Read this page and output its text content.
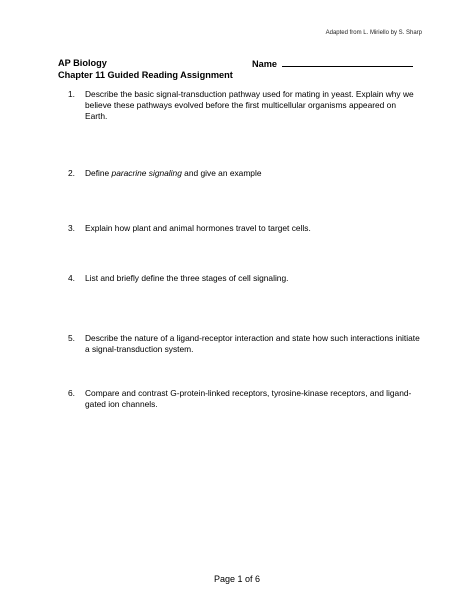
Adapted from L. Miriello by S. Sharp
AP Biology
Chapter 11 Guided Reading Assignment
Name
1.	Describe the basic signal-transduction pathway used for mating in yeast. Explain why we believe these pathways evolved before the first multicellular organisms appeared on Earth.
2.	Define paracrine signaling and give an example
3.	Explain how plant and animal hormones travel to target cells.
4.	List and briefly define the three stages of cell signaling.
5.	Describe the nature of a ligand-receptor interaction and state how such interactions initiate a signal-transduction system.
6.	Compare and contrast G-protein-linked receptors, tyrosine-kinase receptors, and ligand-gated ion channels.
Page 1 of 6
